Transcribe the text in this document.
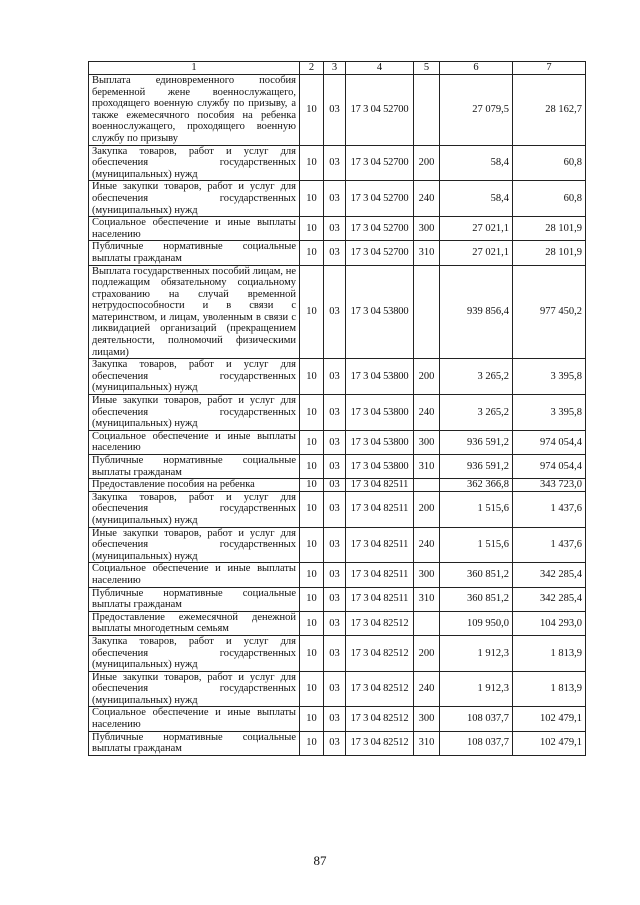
1	2	3	4	5	6	7
Выплата единовременного пособия беременной жене военнослужащего, проходящего военную службу по призыву, а также ежемесячного пособия на ребенка военнослужащего, проходящего военную службу по призыву	10	03	17 3 04 52700		27 079,5	28 162,7
Закупка товаров, работ и услуг для обеспечения государственных (муниципальных) нужд	10	03	17 3 04 52700	200	58,4	60,8
Иные закупки товаров, работ и услуг для обеспечения государственных (муниципальных) нужд	10	03	17 3 04 52700	240	58,4	60,8
Социальное обеспечение и иные выплаты населению	10	03	17 3 04 52700	300	27 021,1	28 101,9
Публичные нормативные социальные выплаты гражданам	10	03	17 3 04 52700	310	27 021,1	28 101,9
Выплата государственных пособий лицам, не подлежащим обязательному социальному страхованию на случай временной нетрудоспособности и в связи с материнством, и лицам, уволенным в связи с ликвидацией организаций (прекращением деятельности, полномочий физическими лицами)	10	03	17 3 04 53800		939 856,4	977 450,2
Закупка товаров, работ и услуг для обеспечения государственных (муниципальных) нужд	10	03	17 3 04 53800	200	3 265,2	3 395,8
Иные закупки товаров, работ и услуг для обеспечения государственных (муниципальных) нужд	10	03	17 3 04 53800	240	3 265,2	3 395,8
Социальное обеспечение и иные выплаты населению	10	03	17 3 04 53800	300	936 591,2	974 054,4
Публичные нормативные социальные выплаты гражданам	10	03	17 3 04 53800	310	936 591,2	974 054,4
Предоставление пособия на ребенка	10	03	17 3 04 82511		362 366,8	343 723,0
Закупка товаров, работ и услуг для обеспечения государственных (муниципальных) нужд	10	03	17 3 04 82511	200	1 515,6	1 437,6
Иные закупки товаров, работ и услуг для обеспечения государственных (муниципальных) нужд	10	03	17 3 04 82511	240	1 515,6	1 437,6
Социальное обеспечение и иные выплаты населению	10	03	17 3 04 82511	300	360 851,2	342 285,4
Публичные нормативные социальные выплаты гражданам	10	03	17 3 04 82511	310	360 851,2	342 285,4
Предоставление ежемесячной денежной выплаты многодетным семьям	10	03	17 3 04 82512		109 950,0	104 293,0
Закупка товаров, работ и услуг для обеспечения государственных (муниципальных) нужд	10	03	17 3 04 82512	200	1 912,3	1 813,9
Иные закупки товаров, работ и услуг для обеспечения государственных (муниципальных) нужд	10	03	17 3 04 82512	240	1 912,3	1 813,9
Социальное обеспечение и иные выплаты населению	10	03	17 3 04 82512	300	108 037,7	102 479,1
Публичные нормативные социальные выплаты гражданам	10	03	17 3 04 82512	310	108 037,7	102 479,1
87
